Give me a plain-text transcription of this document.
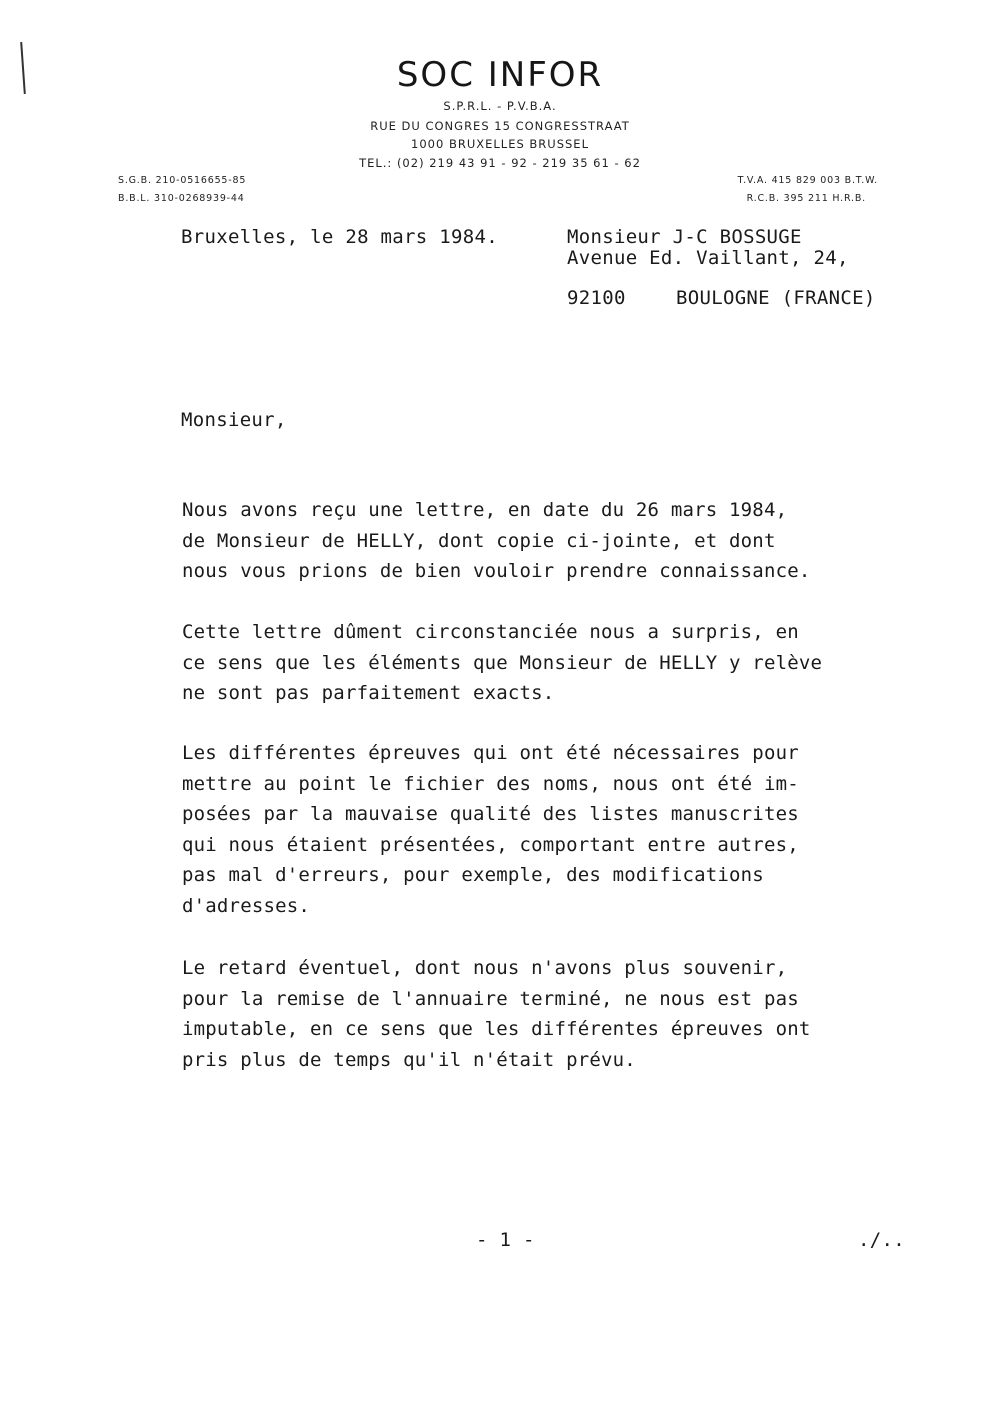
SOC INFOR
S.P.R.L. - P.V.B.A.
RUE DU CONGRES 15 CONGRESSTRAAT
1000 BRUXELLES BRUSSEL
TEL.: (02) 219 43 91 - 92 - 219 35 61 - 62
S.G.B. 210-0516655-85
B.B.L. 310-0268939-44
T.V.A. 415 829 003 B.T.W.
R.C.B. 395 211 H.R.B.
Bruxelles, le 28 mars 1984.	Monsieur J-C BOSSUGE
Avenue Ed. Vaillant, 24,
92100	BOULOGNE (FRANCE)
Monsieur,
Nous avons reçu une lettre, en date du 26 mars 1984,
de Monsieur de HELLY, dont copie ci-jointe, et dont
nous vous prions de bien vouloir prendre connaissance.
Cette lettre dûment circonstanciée nous a surpris, en
ce sens que les éléments que Monsieur de HELLY y relève
ne sont pas parfaitement exacts.
Les différentes épreuves qui ont été nécessaires pour
mettre au point le fichier des noms, nous ont été im-
posées par la mauvaise qualité des listes manuscrites
qui nous étaient présentées, comportant entre autres,
pas mal d'erreurs, pour exemple, des modifications
d'adresses.
Le retard éventuel, dont nous n'avons plus souvenir,
pour la remise de l'annuaire terminé, ne nous est pas
imputable, en ce sens que les différentes épreuves ont
pris plus de temps qu'il n'était prévu.
- 1 -	./..
